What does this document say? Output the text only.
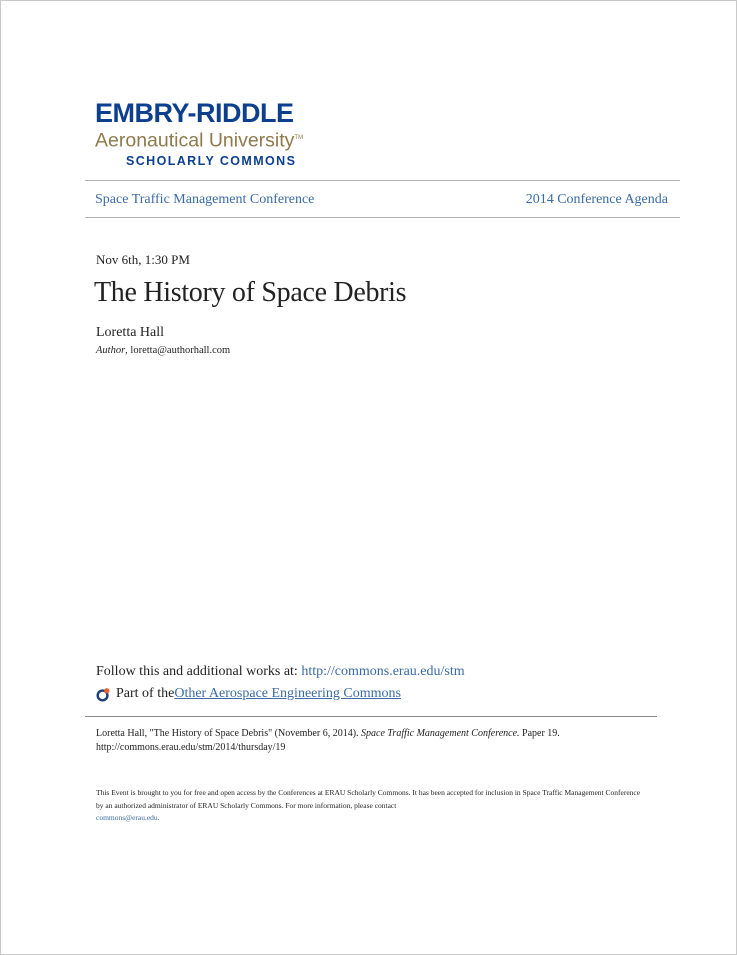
EMBRY-RIDDLE
Aeronautical University™
SCHOLARLY COMMONS
Space Traffic Management Conference	2014 Conference Agenda
Nov 6th, 1:30 PM
The History of Space Debris
Loretta Hall
Author, loretta@authorhall.com
Follow this and additional works at: http://commons.erau.edu/stm
Part of the Other Aerospace Engineering Commons
Loretta Hall, "The History of Space Debris" (November 6, 2014). Space Traffic Management Conference. Paper 19.
http://commons.erau.edu/stm/2014/thursday/19
This Event is brought to you for free and open access by the Conferences at ERAU Scholarly Commons. It has been accepted for inclusion in Space Traffic Management Conference by an authorized administrator of ERAU Scholarly Commons. For more information, please contact
commons@erau.edu.
